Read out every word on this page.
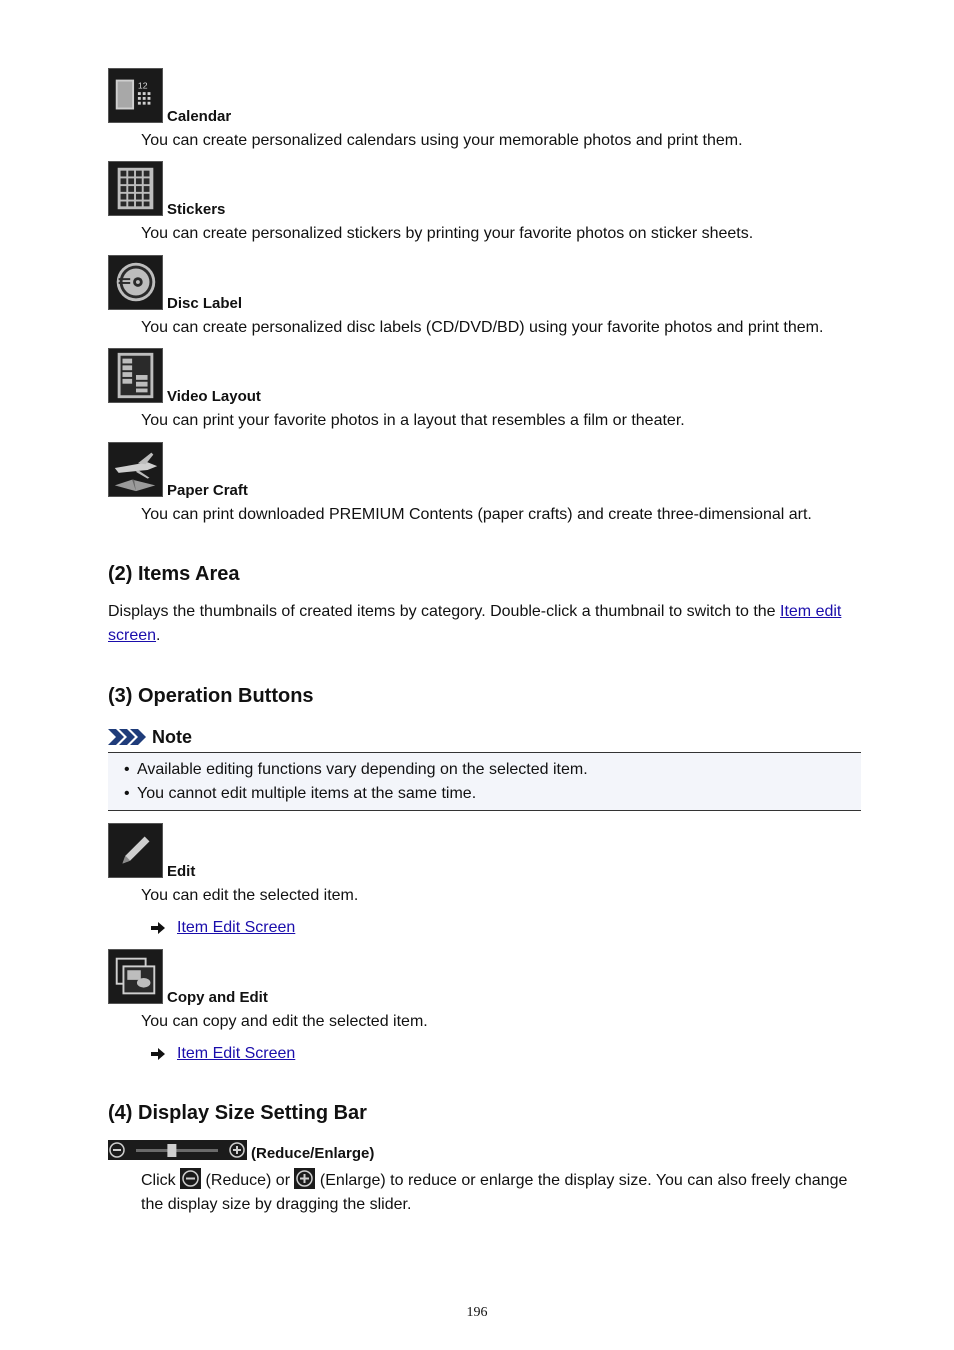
12
Calendar
You can create personalized calendars using your memorable photos and print them.
Stickers
You can create personalized stickers by printing your favorite photos on sticker sheets.
Disc Label
You can create personalized disc labels (CD/DVD/BD) using your favorite photos and print them.
Video Layout
You can print your favorite photos in a layout that resembles a film or theater.
Paper Craft
You can print downloaded PREMIUM Contents (paper crafts) and create three-dimensional art.
(2) Items Area
Displays the thumbnails of created items by category. Double-click a thumbnail to switch to the Item edit screen.
(3) Operation Buttons
Note
• Available editing functions vary depending on the selected item.
• You cannot edit multiple items at the same time.
Edit
You can edit the selected item.
Item Edit Screen
Copy and Edit
You can copy and edit the selected item.
Item Edit Screen
(4) Display Size Setting Bar
(Reduce/Enlarge)
Click  (Reduce) or  (Enlarge) to reduce or enlarge the display size. You can also freely change
the display size by dragging the slider.
196
